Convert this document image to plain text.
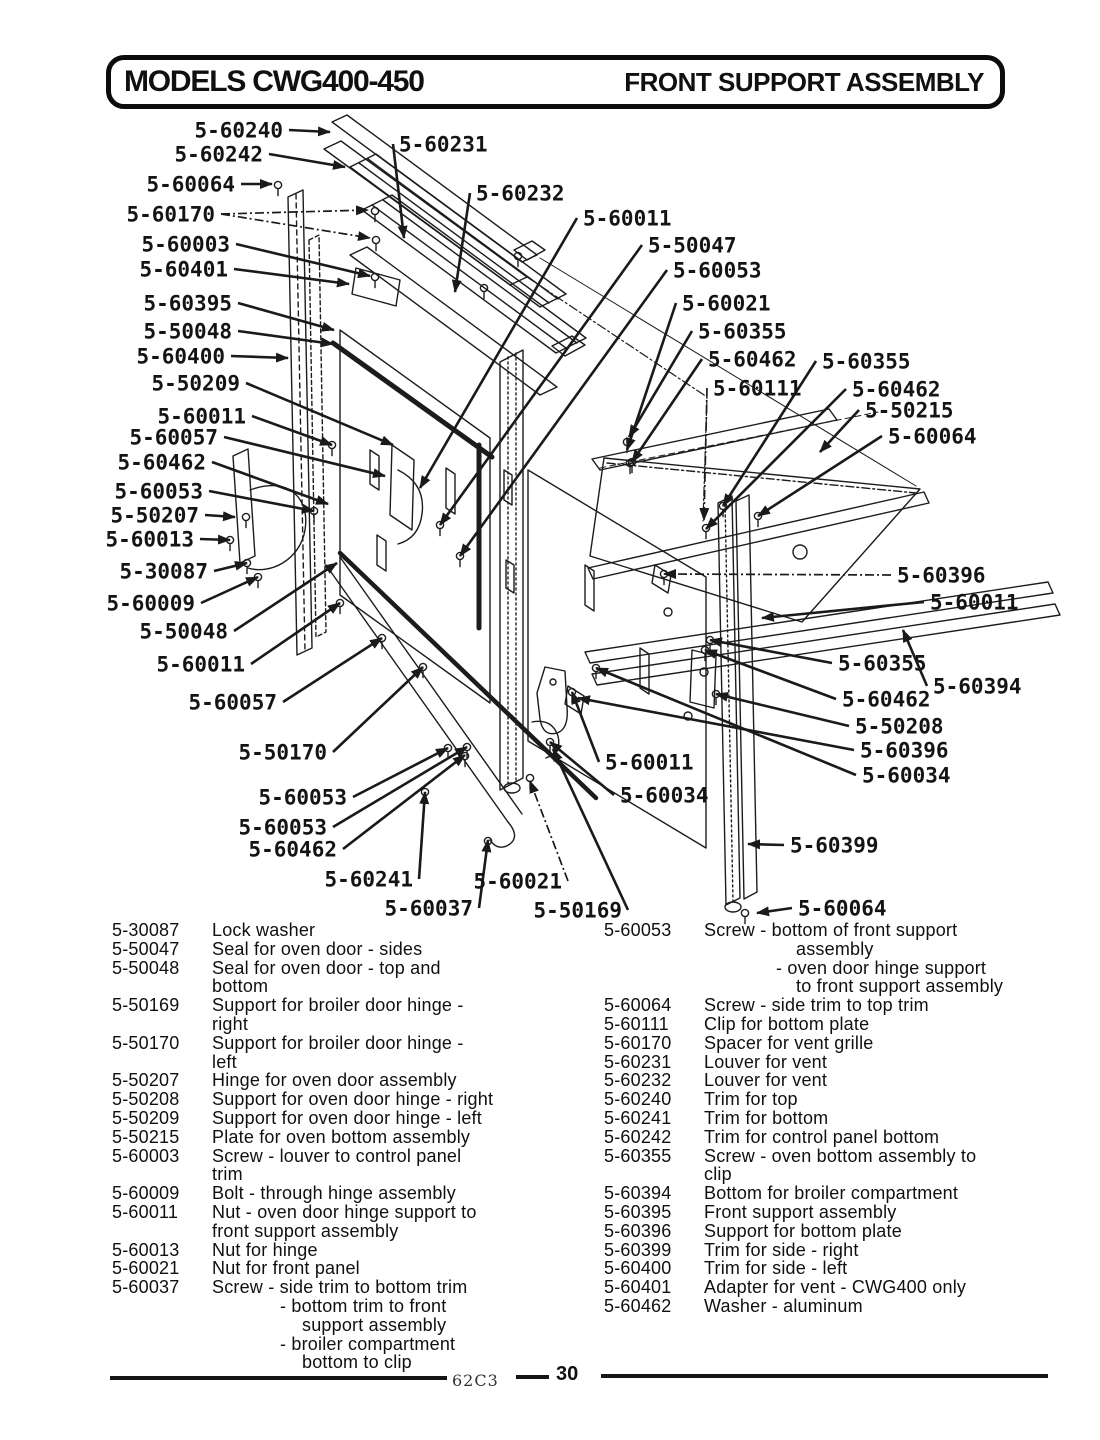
MODELS CWG400-450	FRONT SUPPORT ASSEMBLY
5-60240
5-60242
5-60064
5-60170
5-60003
5-60401
5-60395
5-50048
5-60400
5-50209
5-60011
5-60057
5-60462
5-60053
5-50207
5-60013
5-30087
5-60009
5-50048
5-60011
5-60057
5-50170
5-60053
5-60053
5-60462
5-60241
5-60037
5-60021
5-50169
5-60231
5-60232
5-60011
5-50047
5-60053
5-60021
5-60355
5-60462 5-60355
5-60111 5-60462
5-50215
5-60064
5-60396
5-60011
5-60355
5-60394
5-60462
5-50208
5-60396
5-60034
5-60011
5-60034
5-60399
5-60064
5-30087	Lock washer
5-50047	Seal for oven door - sides
5-50048	Seal for oven door - top and
bottom
5-50169	Support for broiler door hinge -
right
5-50170	Support for broiler door hinge -
left
5-50207	Hinge for oven door assembly
5-50208	Support for oven door hinge - right
5-50209	Support for oven door hinge - left
5-50215	Plate for oven bottom assembly
5-60003	Screw - louver to control panel
trim
5-60009	Bolt - through hinge assembly
5-60011	Nut - oven door hinge support to
front support assembly
5-60013	Nut for hinge
5-60021	Nut for front panel
5-60037	Screw - side trim to bottom trim
- bottom trim to front
support assembly
- broiler compartment
bottom to clip
5-60053	Screw - bottom of front support
assembly
- oven door hinge support
to front support assembly
5-60064	Screw - side trim to top trim
5-60111	Clip for bottom plate
5-60170	Spacer for vent grille
5-60231	Louver for vent
5-60232	Louver for vent
5-60240	Trim for top
5-60241	Trim for bottom
5-60242	Trim for control panel bottom
5-60355	Screw - oven bottom assembly to
clip
5-60394	Bottom for broiler compartment
5-60395	Front support assembly
5-60396	Support for bottom plate
5-60399	Trim for side - right
5-60400	Trim for side - left
5-60401	Adapter for vent - CWG400 only
5-60462	Washer - aluminum
62C3	30
